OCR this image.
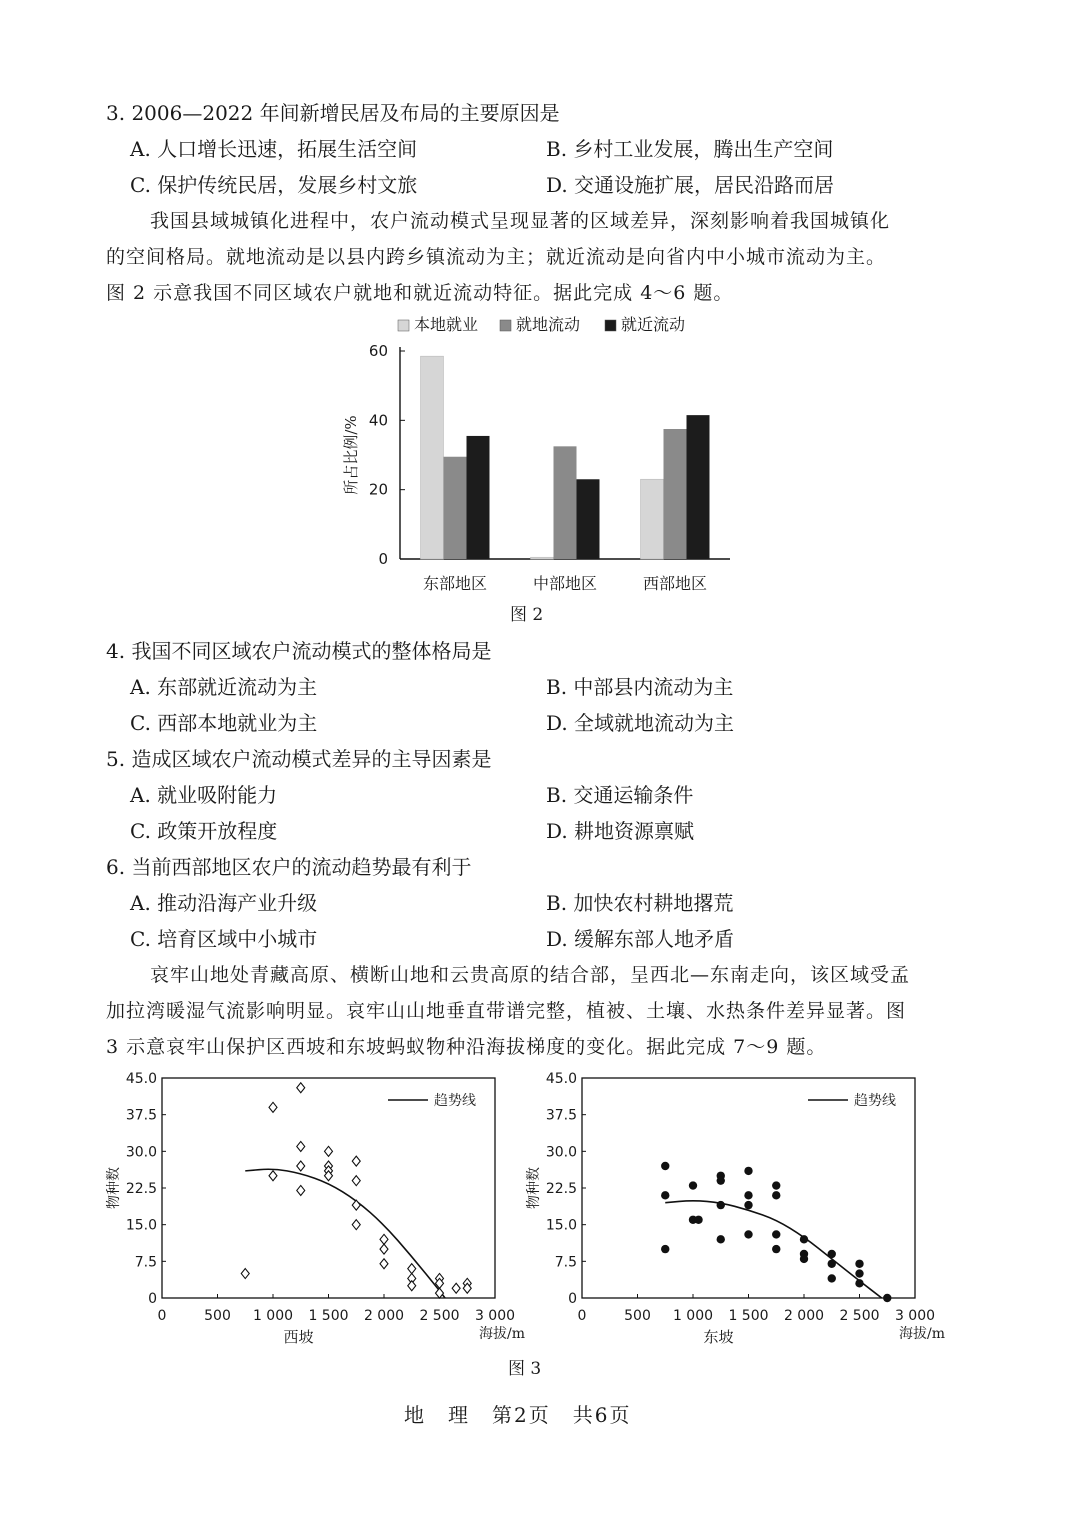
3. 2006—2022 年间新增民居及布局的主要原因是
A. 人口增长迅速，拓展生活空间	B. 乡村工业发展，腾出生产空间
C. 保护传统民居，发展乡村文旅	D. 交通设施扩展，居民沿路而居
我国县域城镇化进程中，农户流动模式呈现显著的区域差异，深刻影响着我国城镇化
的空间格局。就地流动是以县内跨乡镇流动为主；就近流动是向省内中小城市流动为主。
图 2 示意我国不同区域农户就地和就近流动特征。据此完成 4～6 题。
本地就业 就地流动	就近流动
0
20
40
60
所占比例/%
东部地区	中部地区	西部地区
图 2
4. 我国不同区域农户流动模式的整体格局是
A. 东部就近流动为主	B. 中部县内流动为主
C. 西部本地就业为主	D. 全域就地流动为主
5. 造成区域农户流动模式差异的主导因素是
A. 就业吸附能力	B. 交通运输条件
C. 政策开放程度	D. 耕地资源禀赋
6. 当前西部地区农户的流动趋势最有利于
A. 推动沿海产业升级	B. 加快农村耕地撂荒
C. 培育区域中小城市	D. 缓解东部人地矛盾
哀牢山地处青藏高原、横断山地和云贵高原的结合部，呈西北—东南走向，该区域受孟
加拉湾暖湿气流影响明显。哀牢山山地垂直带谱完整，植被、土壤、水热条件差异显著。图
3 示意哀牢山保护区西坡和东坡蚂蚁物种沿海拔梯度的变化。据此完成 7～9 题。
0
7.5
15.0
22.5
30.0
37.5
45.0
0	500 1 000 1 500 2 000 2 500 3 000
物种数
西坡	海拔/m
趋势线
0
7.5
15.0
22.5
30.0
37.5
45.0
0	500 1 000 1 500 2 000 2 500 3 000
物种数
东坡	海拔/m
趋势线
图 3
地　理　第2页　共6页
